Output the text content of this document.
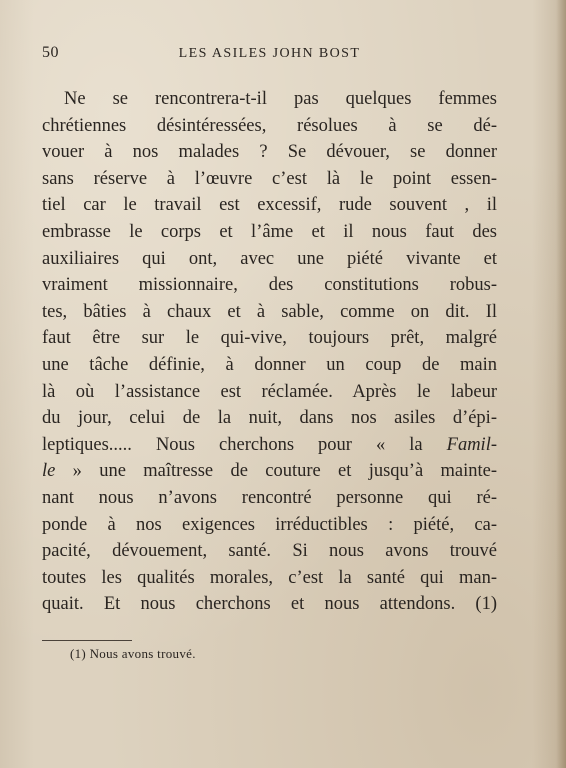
50	LES ASILES JOHN BOST
Ne se rencontrera-t-il pas quelques femmes
chrétiennes désintéressées, résolues à se dé-
vouer à nos malades ? Se dévouer, se donner
sans réserve à l’œuvre c’est là le point essen-
tiel car le travail est excessif, rude souvent , il
embrasse le corps et l’âme et il nous faut des
auxiliaires qui ont, avec une piété vivante et
vraiment missionnaire, des constitutions robus-
tes, bâties à chaux et à sable, comme on dit. Il
faut être sur le qui-vive, toujours prêt, malgré
une tâche définie, à donner un coup de main
là où l’assistance est réclamée. Après le labeur
du jour, celui de la nuit, dans nos asiles d’épi-
leptiques..... Nous cherchons pour « la Famil-
le » une maîtresse de couture et jusqu’à mainte-
nant nous n’avons rencontré personne qui ré-
ponde à nos exigences irréductibles : piété, ca-
pacité, dévouement, santé. Si nous avons trouvé
toutes les qualités morales, c’est la santé qui man-
quait. Et nous cherchons et nous attendons. (1)
(1) Nous avons trouvé.
